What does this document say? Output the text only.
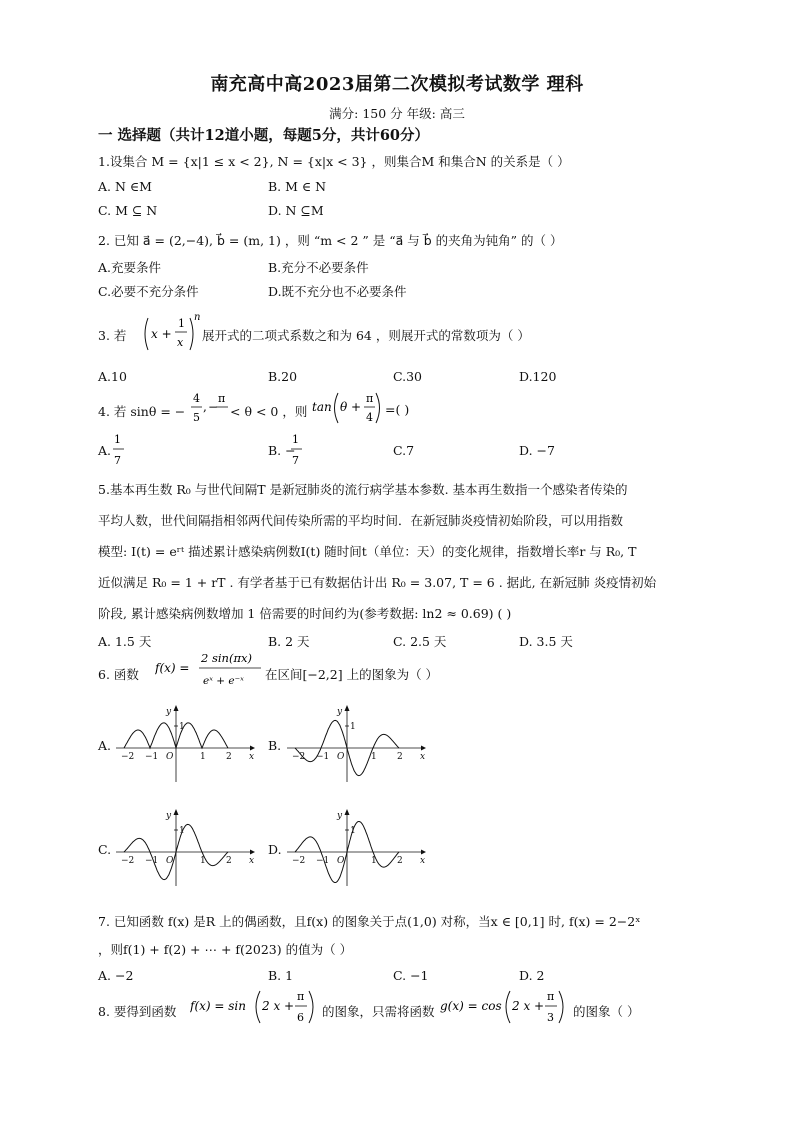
南充高中高2023届第二次模拟考试数学 理科
满分: 150 分 年级: 高三
一 选择题（共计12道小题，每题5分，共计60分）
1.设集合 M = {x|1 ≤ x < 2}, N = {x|x < 3} ，则集合M 和集合N 的关系是（ ）
A. N ∈M	B. M ∈ N
C. M ⊆ N	D. N ⊆M
2. 已知 a⃗ = (2,−4), b⃗ = (m, 1) ，则 “m < 2 ” 是 “a⃗ 与 b⃗ 的夹角为钝角” 的（ ）
A.充要条件	B.充分不必要条件
C.必要不充分条件	D.既不充分也不必要条件
3. 若 x +
1
x
n
展开式的二项式系数之和为 64 ，则展开式的常数项为（ ）
A.10	B.20	C.30	D.120
4. 若 sinθ = −
4
5
, −
π
< θ < 0 ，则 tan θ +
π
4
=( )
A.
1
7
B. −
1
7
C.7	D. −7
5.基本再生数 R₀ 与世代间隔T 是新冠肺炎的流行病学基本参数. 基本再生数指一个感染者传染的
平均人数，世代间隔指相邻两代间传染所需的平均时间．在新冠肺炎疫情初始阶段，可以用指数
模型: I(t) = eʳᵗ 描述累计感染病例数I(t) 随时间t（单位：天）的变化规律，指数增长率r 与 R₀, T
近似满足 R₀ = 1 + rT . 有学者基于已有数据估计出 R₀ = 3.07, T = 6 . 据此, 在新冠肺 炎疫情初始
阶段, 累计感染病例数增加 1 倍需要的时间约为(参考数据: ln2 ≈ 0.69) ( )
A. 1.5 天	B. 2 天	C. 2.5 天	D. 3.5 天
6. 函数 f(x) =
2 sin(πx)
eˣ + e⁻ˣ 在区间[−2,2] 上的图象为（ ）
A.
y
x
O
1
−2 −1	1 2
B.
y
x
O
1
−2 −1	1 2
C.
y
x
O
1
−2 −1	1 2
D.
y
x
O
1
−2 −1	1 2
7. 已知函数 f(x) 是R 上的偶函数，且f(x) 的图象关于点(1,0) 对称，当x ∈ [0,1] 时, f(x) = 2−2ˣ
，则f(1) + f(2) + ⋯ + f(2023) 的值为（ ）
A. −2	B. 1	C. −1	D. 2
8. 要得到函数 f(x) = sin 2 x +
π
6 的图象，只需将函数 g(x) = cos 2 x +
π
3 的图象（ ）
